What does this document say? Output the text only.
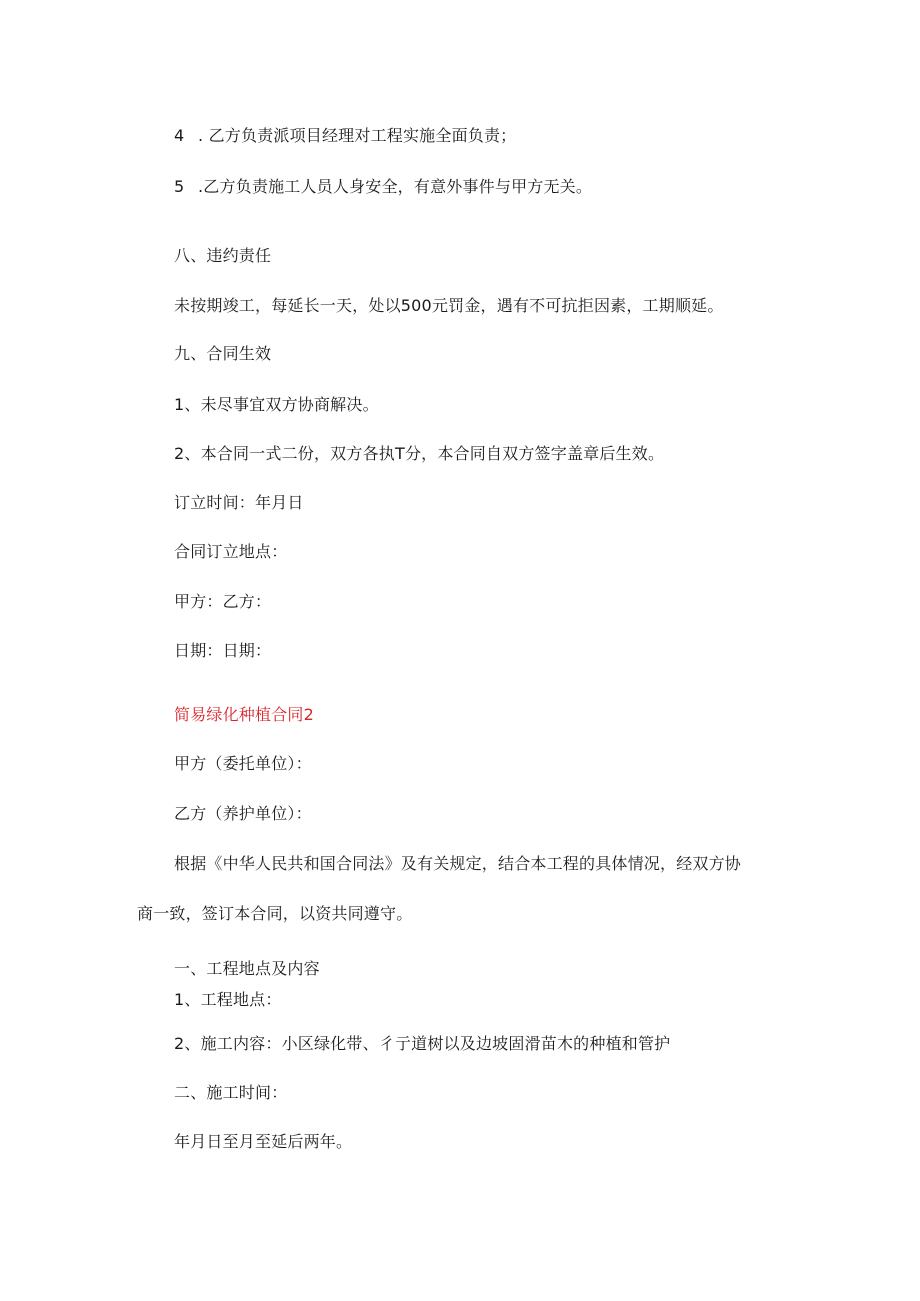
4 . 乙方负责派项目经理对工程实施全面负责；
5 .乙方负责施工人员人身安全，有意外事件与甲方无关。
八、违约责任
未按期竣工，每延长一天，处以500元罚金，遇有不可抗拒因素，工期顺延。
九、合同生效
1、未尽事宜双方协商解决。
2、本合同一式二份，双方各执T分，本合同自双方签字盖章后生效。
订立时间：年月日
合同订立地点：
甲方：乙方：
日期：日期：
简易绿化种植合同2
甲方（委托单位）：
乙方（养护单位）：
根据《中华人民共和国合同法》及有关规定，结合本工程的具体情况，经双方协
商一致，签订本合同，以资共同遵守。
一、工程地点及内容
1、工程地点：
2、施工内容：小区绿化带、彳亍道树以及边坡固滑苗木的种植和管护
二、施工时间：
年月日至月至延后两年。
